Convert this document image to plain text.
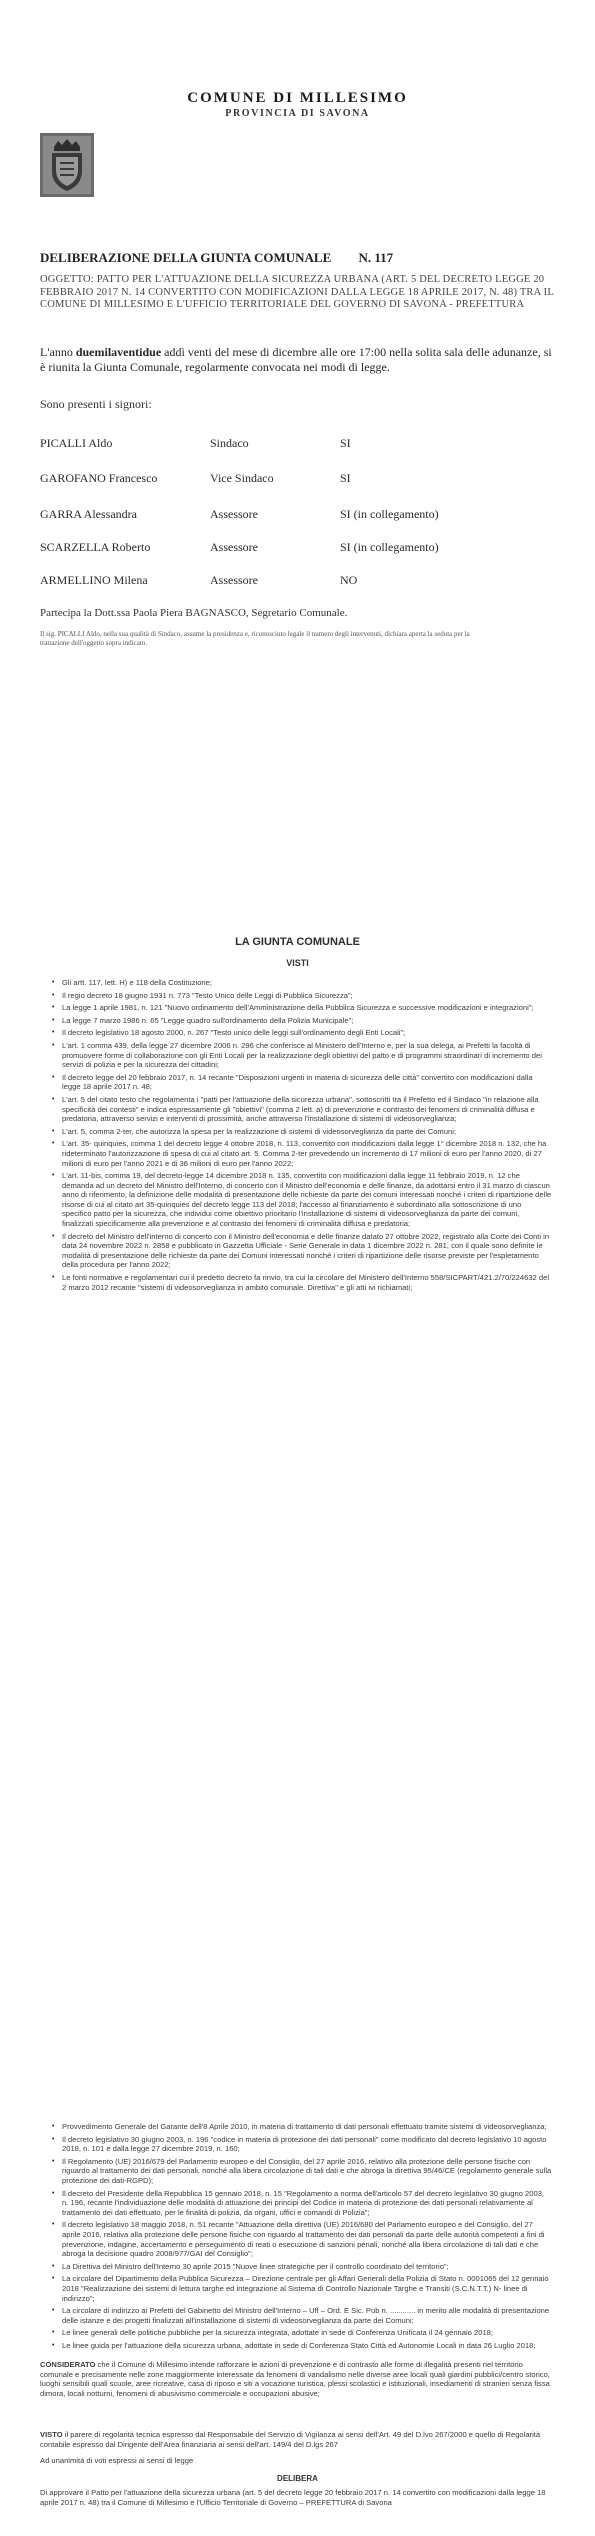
COMUNE DI MILLESIMO
PROVINCIA DI SAVONA
DELIBERAZIONE DELLA GIUNTA COMUNALE N. 117
OGGETTO: PATTO PER L'ATTUAZIONE DELLA SICUREZZA URBANA (ART. 5 DEL DECRETO LEGGE 20 FEBBRAIO 2017 N. 14 CONVERTITO CON MODIFICAZIONI DALLA LEGGE 18 APRILE 2017, N. 48) TRA IL COMUNE DI MILLESIMO E L'UFFICIO TERRITORIALE DEL GOVERNO DI SAVONA - PREFETTURA
L'anno duemilaventidue addì venti del mese di dicembre alle ore 17:00 nella solita sala delle adunanze, si è riunita la Giunta Comunale, regolarmente convocata nei modi di legge.
Sono presenti i signori:
PICALLI Aldo	Sindaco	SI
GAROFANO Francesco	Vice Sindaco	SI
GARRA Alessandra	Assessore	SI (in collegamento)
SCARZELLA Roberto	Assessore	SI (in collegamento)
ARMELLINO Milena	Assessore	NO
Partecipa la Dott.ssa Paola Piera BAGNASCO, Segretario Comunale.
Il sig. PICALLI Aldo, nella sua qualità di Sindaco, assume la presidenza e, riconosciuto legale il numero degli intervenuti, dichiara aperta la seduta per la trattazione dell'oggetto sopra indicato.
LA GIUNTA COMUNALE
VISTI
• Gli artt. 117, lett. H) e 118 della Costituzione;
• Il regio decreto 18 giugno 1931 n. 773 "Testo Unico delle Leggi di Pubblica Sicurezza";
• La legge 1 aprile 1981, n. 121 "Nuovo ordinamento dell'Amministrazione della Pubblica Sicurezza e successive modificazioni e integrazioni";
• La legge 7 marzo 1986 n. 65 "Legge quadro sull'ordinamento della Polizia Municipale";
• Il decreto legislativo 18 agosto 2000, n. 267 "Testo unico delle leggi sull'ordinamento degli Enti Locali";
• L'art. 1 comma 439, della legge 27 dicembre 2006 n. 296 che conferisce al Ministero dell'Interno e, per la sua delega, ai Prefetti la facoltà di promuovere forme di collaborazione con gli Enti Locali per la realizzazione degli obiettivi del patto e di programmi straordinari di incremento dei servizi di polizia e per la sicurezza dei cittadini;
• Il decreto legge del 20 febbraio 2017, n. 14 recante "Disposizioni urgenti in materia di sicurezza delle città" convertito con modificazioni dalla legge 18 aprile 2017 n. 48;
• L'art. 5 del citato testo che regolamenta i "patti per l'attuazione della sicurezza urbana", sottoscritti tra il Prefetto ed il Sindaco "in relazione alla specificità dei contesti" e indica espressamente gli "obiettivi" (comma 2 lett. a) di prevenzione e contrasto dei fenomeni di criminalità diffusa e predatoria, attraverso servizi e interventi di prossimità, anche attraverso l'installazione di sistemi di videosorveglianza;
• L'art. 5, comma 2-ter, che autorizza la spesa per la realizzazione di sistemi di videosorveglianza da parte dei Comuni;
• L'art. 35- quinquies, comma 1 del decreto legge 4 ottobre 2018, n. 113, convertito con modificazioni dalla legge 1° dicembre 2018 n. 132, che ha rideterminato l'autorizzazione di spesa di cui al citato art. 5. Comma 2-ter prevedendo un incremento di 17 milioni di euro per l'anno 2020, di 27 milioni di euro per l'anno 2021 e di 36 milioni di euro per l'anno 2022;
• L'art. 11-bis, comma 19, del decreto-legge 14 dicembre 2018 n. 135, convertito con modificazioni dalla legge 11 febbraio 2019, n. 12 che demanda ad un decreto del Ministro dell'Interno, di concerto con il Ministro dell'economia e delle finanze, da adottarsi entro il 31 marzo di ciascun anno di riferimento, la definizione delle modalità di presentazione delle richieste da parte dei comuni interessati nonché i criteri di ripartizione delle risorse di cui al citato art 35-quinquies del decreto legge 113 del 2018; l'accesso al finanziamento è subordinato alla sottoscrizione di uno specifico patto per la sicurezza, che individui come obiettivo prioritario l'installazione di sistemi di videosorveglianza da parte dei comuni, finalizzati specificamente alla prevenzione e al contrasto dei fenomeni di criminalità diffusa e predatoria;
• Il decreto del Ministro dell'interno di concerto con il Ministro dell'economia e delle finanze datato 27 ottobre 2022, registrato alla Corte dei Conti in data 24 novembre 2022 n. 2858 e pubblicato in Gazzetta Ufficiale - Serie Generale in data 1 dicembre 2022 n. 281, con il quale sono definite le modalità di presentazione delle richieste da parte dei Comuni interessati nonché i criteri di ripartizione delle risorse previste per l'espletamento della procedura per l'anno 2022;
• Le fonti normative e regolamentari cui il predetto decreto fa rinvio, tra cui la circolare del Ministero dell'Interno 558/SICPART/421.2/70/224632 del 2 marzo 2012 recante "sistemi di videosorveglianza in ambito comunale. Direttiva" e gli atti ivi richiamati;
• Provvedimento Generale del Garante dell'8 Aprile 2010, in materia di trattamento di dati personali effettuato tramite sistemi di videosorveglianza;
• Il decreto legislativo 30 giugno 2003, n. 196 "codice in materia di protezione dei dati personali" come modificato dal decreto legislativo 10 agosto 2018, n. 101 e dalla legge 27 dicembre 2019, n. 160;
• Il Regolamento (UE) 2016/679 del Parlamento europeo e del Consiglio, del 27 aprile 2016, relativo alla protezione delle persone fisiche con riguardo al trattamento dei dati personali, nonché alla libera circolazione di tali dati e che abroga la direttiva 95/46/CE (regolamento generale sulla protezione dei dati-RGPD);
• Il decreto del Presidente della Repubblica 15 gennaio 2018, n. 15 "Regolamento a norma dell'articolo 57 del decreto legislativo 30 giugno 2003, n. 196, recante l'individuazione delle modalità di attuazione dei principi del Codice in materia di protezione dei dati personali relativamente al trattamento dei dati effettuato, per le finalità di polizia, da organi, uffici e comandi di Polizia";
• Il decreto legislativo 18 maggio 2018, n. 51 recante "Attuazione della direttiva (UE) 2016/680 del Parlamento europeo e del Consiglio, del 27 aprile 2016, relativa alla protezione delle persone fisiche con riguardo al trattamento dei dati personali da parte delle autorità competenti a fini di prevenzione, indagine, accertamento e perseguimento di reati o esecuzione di sanzioni penali, nonché alla libera circolazione di tali dati e che abroga la decisione quadro 2008/977/GAI del Consiglio";
• La Direttiva del Ministro dell'Interno 30 aprile 2015 "Nuove linee strategiche per il controllo coordinato del territorio";
• La circolare del Dipartimento della Pubblica Sicurezza – Direzione centrale per gli Affari Generali della Polizia di Stato n. 0001065 del 12 gennaio 2018 "Realizzazione dei sistemi di lettura targhe ed integrazione al Sistema di Controllo Nazionale Targhe e Transiti (S.C.N.T.T.) N- linee di indirizzo";
• La circolare di indirizzo ai Prefetti del Gabinetto del Ministro dell'Interno – Uff – Ord. E Sic. Pub n. ............ in merito alle modalità di presentazione delle istanze e dei progetti finalizzati all'installazione di sistemi di videosorveglianza da parte dei Comuni;
• Le linee generali delle politiche pubbliche per la sicurezza integrata, adottate in sede di Conferenza Unificata il 24 gennaio 2018;
• Le linee guida per l'attuazione della sicurezza urbana, adottate in sede di Conferenza Stato Città ed Autonomie Locali in data 26 Luglio 2018;
CONSIDERATO che il Comune di Millesimo intende rafforzare le azioni di prevenzione e di contrasto alle forme di illegalità presenti nel territorio comunale e precisamente nelle zone maggiormente interessate da fenomeni di vandalismo nelle diverse aree locali quali giardini pubblici/centro storico, luoghi sensibili quali scuole, aree ricreative, casa di riposo e siti a vocazione turistica, plessi scolastici e istituzionali, insediamenti di stranieri senza fissa dimora, locali notturni, fenomeni di abusivismo commerciale e occupazioni abusive;
VISTO il parere di regolarità tecnica espresso dal Responsabile del Servizio di Vigilanza ai sensi dell'Art. 49 del D.lvo 267/2000 e quello di Regolarità contabile espresso dal Dirigente dell'Area finanziaria ai sensi dell'art. 149/4 del D.lgs 267
Ad unanimità di voti espressi ai sensi di legge
DELIBERA
Di approvare il Patto per l'attuazione della sicurezza urbana (art. 5 del decreto legge 20 febbraio 2017 n. 14 convertito con modificazioni dalla legge 18 aprile 2017 n. 48) tra il Comune di Millesimo e l'Ufficio Territoriale di Governo – PREFETTURA di Savona
